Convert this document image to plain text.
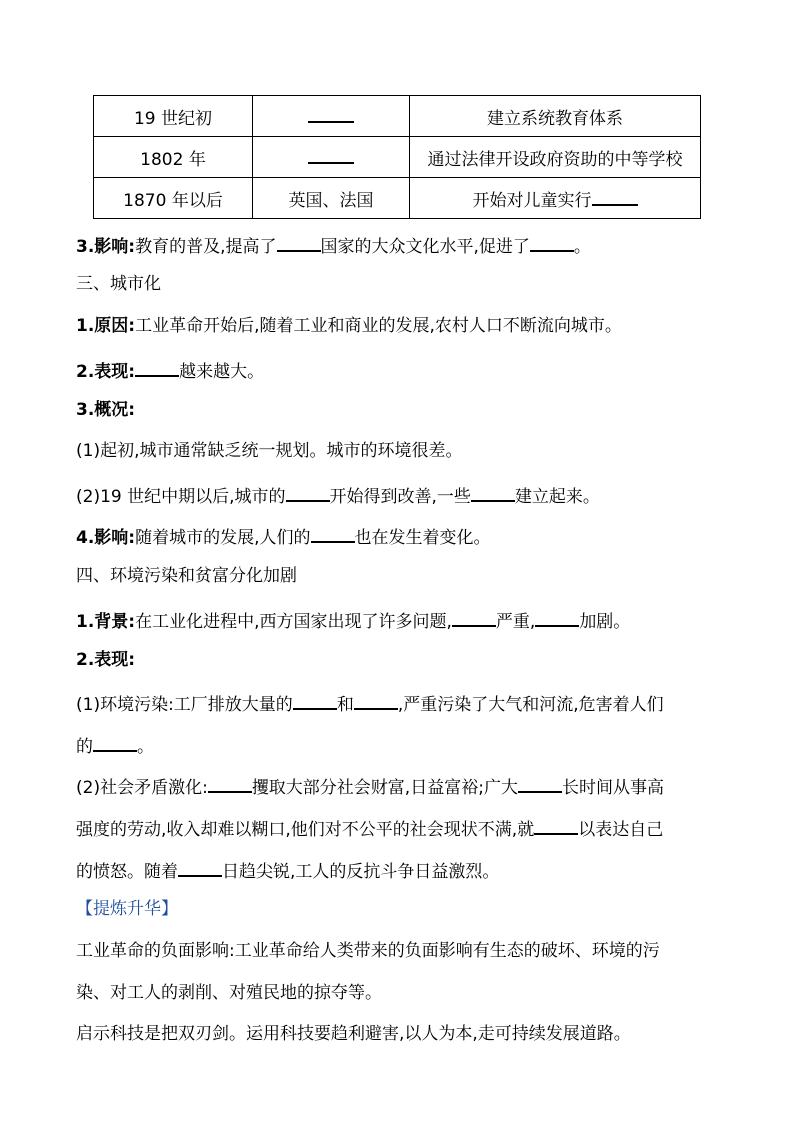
19 世纪初		建立系统教育体系
1802 年		通过法律开设政府资助的中等学校
1870 年以后	英国、法国	开始对儿童实行
3.影响:教育的普及,提高了	国家的大众文化水平,促进了	。
三、城市化
1.原因:工业革命开始后,随着工业和商业的发展,农村人口不断流向城市。
2.表现:	越来越大。
3.概况:
(1)起初,城市通常缺乏统一规划。城市的环境很差。
(2)19 世纪中期以后,城市的	开始得到改善,一些	建立起来。
4.影响:随着城市的发展,人们的	也在发生着变化。
四、环境污染和贫富分化加剧
1.背景:在工业化进程中,西方国家出现了许多问题,	严重,	加剧。
2.表现:
(1)环境污染:工厂排放大量的	和	,严重污染了大气和河流,危害着人们
的	。
(2)社会矛盾激化:	攫取大部分社会财富,日益富裕;广大	长时间从事高
强度的劳动,收入却难以糊口,他们对不公平的社会现状不满,就	以表达自己
的愤怒。随着	日趋尖锐,工人的反抗斗争日益激烈。
【提炼升华】
工业革命的负面影响:工业革命给人类带来的负面影响有生态的破坏、环境的污
染、对工人的剥削、对殖民地的掠夺等。
启示科技是把双刃剑。运用科技要趋利避害,以人为本,走可持续发展道路。
